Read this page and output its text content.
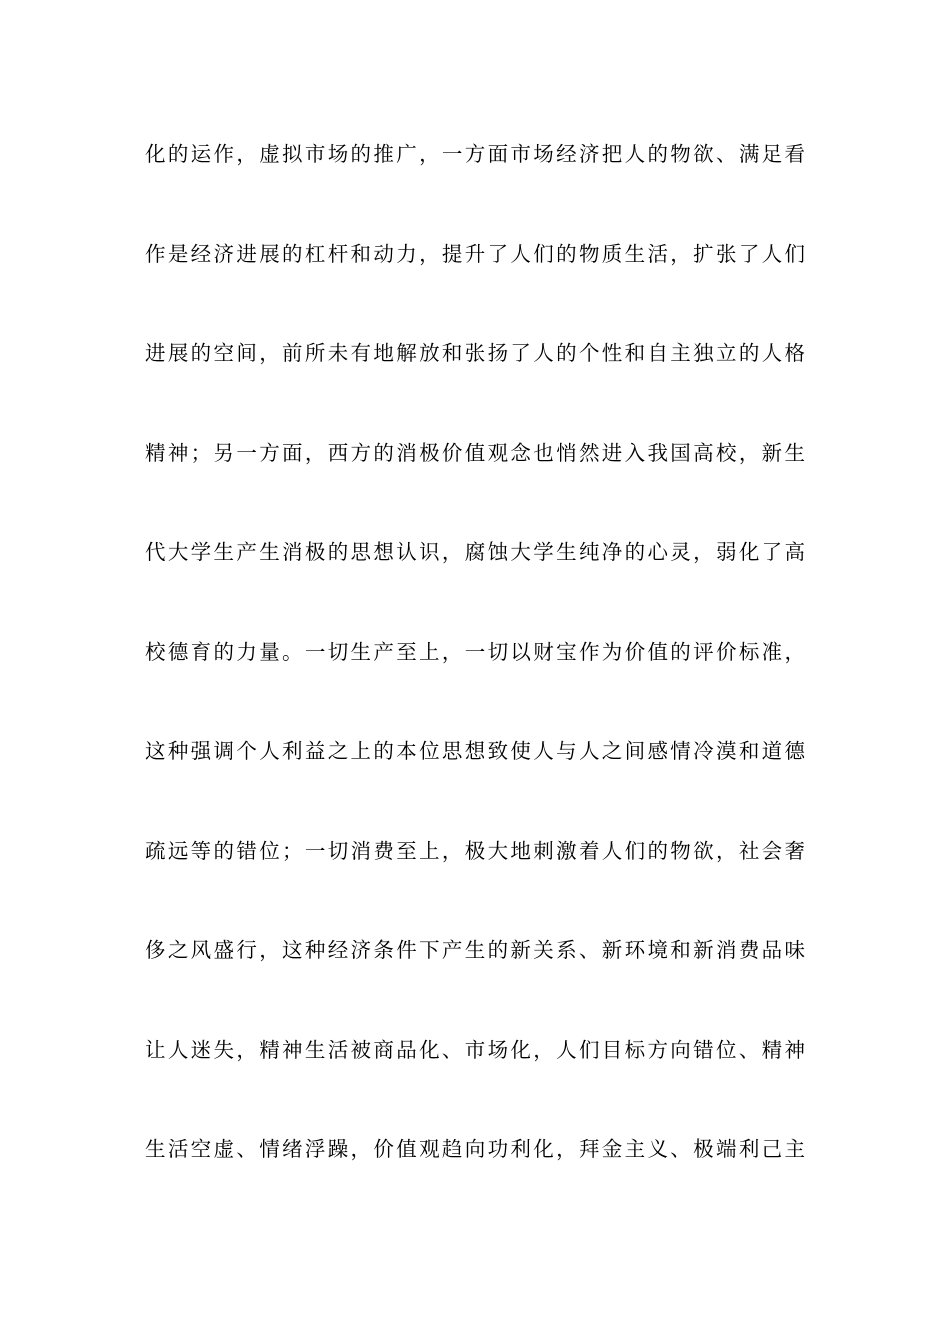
化的运作，虚拟市场的推广，一方面市场经济把人的物欲、满足看
作是经济进展的杠杆和动力，提升了人们的物质生活，扩张了人们
进展的空间，前所未有地解放和张扬了人的个性和自主独立的人格
精神；另一方面，西方的消极价值观念也悄然进入我国高校，新生
代大学生产生消极的思想认识，腐蚀大学生纯净的心灵，弱化了高
校德育的力量。一切生产至上，一切以财宝作为价值的评价标准，
这种强调个人利益之上的本位思想致使人与人之间感情冷漠和道德
疏远等的错位；一切消费至上，极大地刺激着人们的物欲，社会奢
侈之风盛行，这种经济条件下产生的新关系、新环境和新消费品味
让人迷失，精神生活被商品化、市场化，人们目标方向错位、精神
生活空虚、情绪浮躁，价值观趋向功利化，拜金主义、极端利己主
